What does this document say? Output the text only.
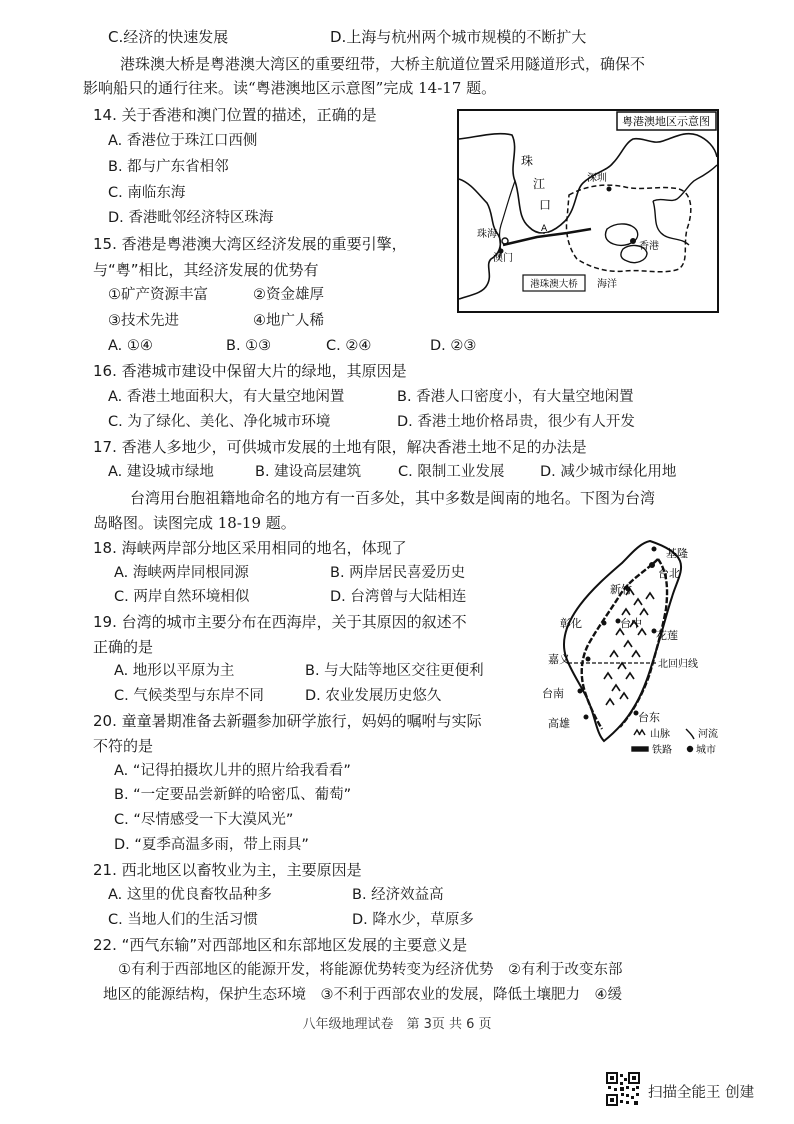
C.经济的快速发展	D.上海与杭州两个城市规模的不断扩大
港珠澳大桥是粤港澳大湾区的重要纽带，大桥主航道位置采用隧道形式，确保不
影响船只的通行往来。读“粤港澳地区示意图”完成 14-17 题。
14. 关于香港和澳门位置的描述，正确的是
A. 香港位于珠江口西侧
B. 都与广东省相邻
C. 南临东海
D. 香港毗邻经济特区珠海
15. 香港是粤港澳大湾区经济发展的重要引擎，
与“粤”相比，其经济发展的优势有
①矿产资源丰富	②资金雄厚
③技术先进	④地广人稀
A. ①④	B. ①③	C. ②④	D. ②③
16. 香港城市建设中保留大片的绿地，其原因是
A. 香港土地面积大，有大量空地闲置	B. 香港人口密度小，有大量空地闲置
C. 为了绿化、美化、净化城市环境	D. 香港土地价格昂贵，很少有人开发
17. 香港人多地少，可供城市发展的土地有限，解决香港土地不足的办法是
A. 建设城市绿地	B. 建设高层建筑	C. 限制工业发展 D. 减少城市绿化用地
台湾用台胞祖籍地命名的地方有一百多处，其中多数是闽南的地名。下图为台湾
岛略图。读图完成 18-19 题。
18. 海峡两岸部分地区采用相同的地名，体现了
A. 海峡两岸同根同源	B. 两岸居民喜爱历史
C. 两岸自然环境相似	D. 台湾曾与大陆相连
19. 台湾的城市主要分布在西海岸，关于其原因的叙述不
正确的是
A. 地形以平原为主	B. 与大陆等地区交往更便利
C. 气候类型与东岸不同	D. 农业发展历史悠久
20. 童童暑期准备去新疆参加研学旅行，妈妈的嘱咐与实际
不符的是
A. “记得拍摄坎儿井的照片给我看看”
B. “一定要品尝新鲜的哈密瓜、葡萄”
C. “尽情感受一下大漠风光”
D. “夏季高温多雨，带上雨具”
21. 西北地区以畜牧业为主，主要原因是
A. 这里的优良畜牧品种多	B. 经济效益高
C. 当地人们的生活习惯	D. 降水少，草原多
22. “西气东输”对西部地区和东部地区发展的主要意义是
①有利于西部地区的能源开发，将能源优势转变为经济优势　②有利于改变东部
地区的能源结构，保护生态环境　③不利于西部农业的发展，降低土壤肥力　④缓
八年级地理试卷　第 3页 共 6 页
扫描全能王 创建
粤港澳地区示意图
珠
江
口
A
深圳
珠海
澳门
香港
海洋
港珠澳大桥
基隆
台北
新竹
彰化	台中
花莲
嘉义	北回归线
台南
高雄	台东
山脉	河流
铁路 城市
